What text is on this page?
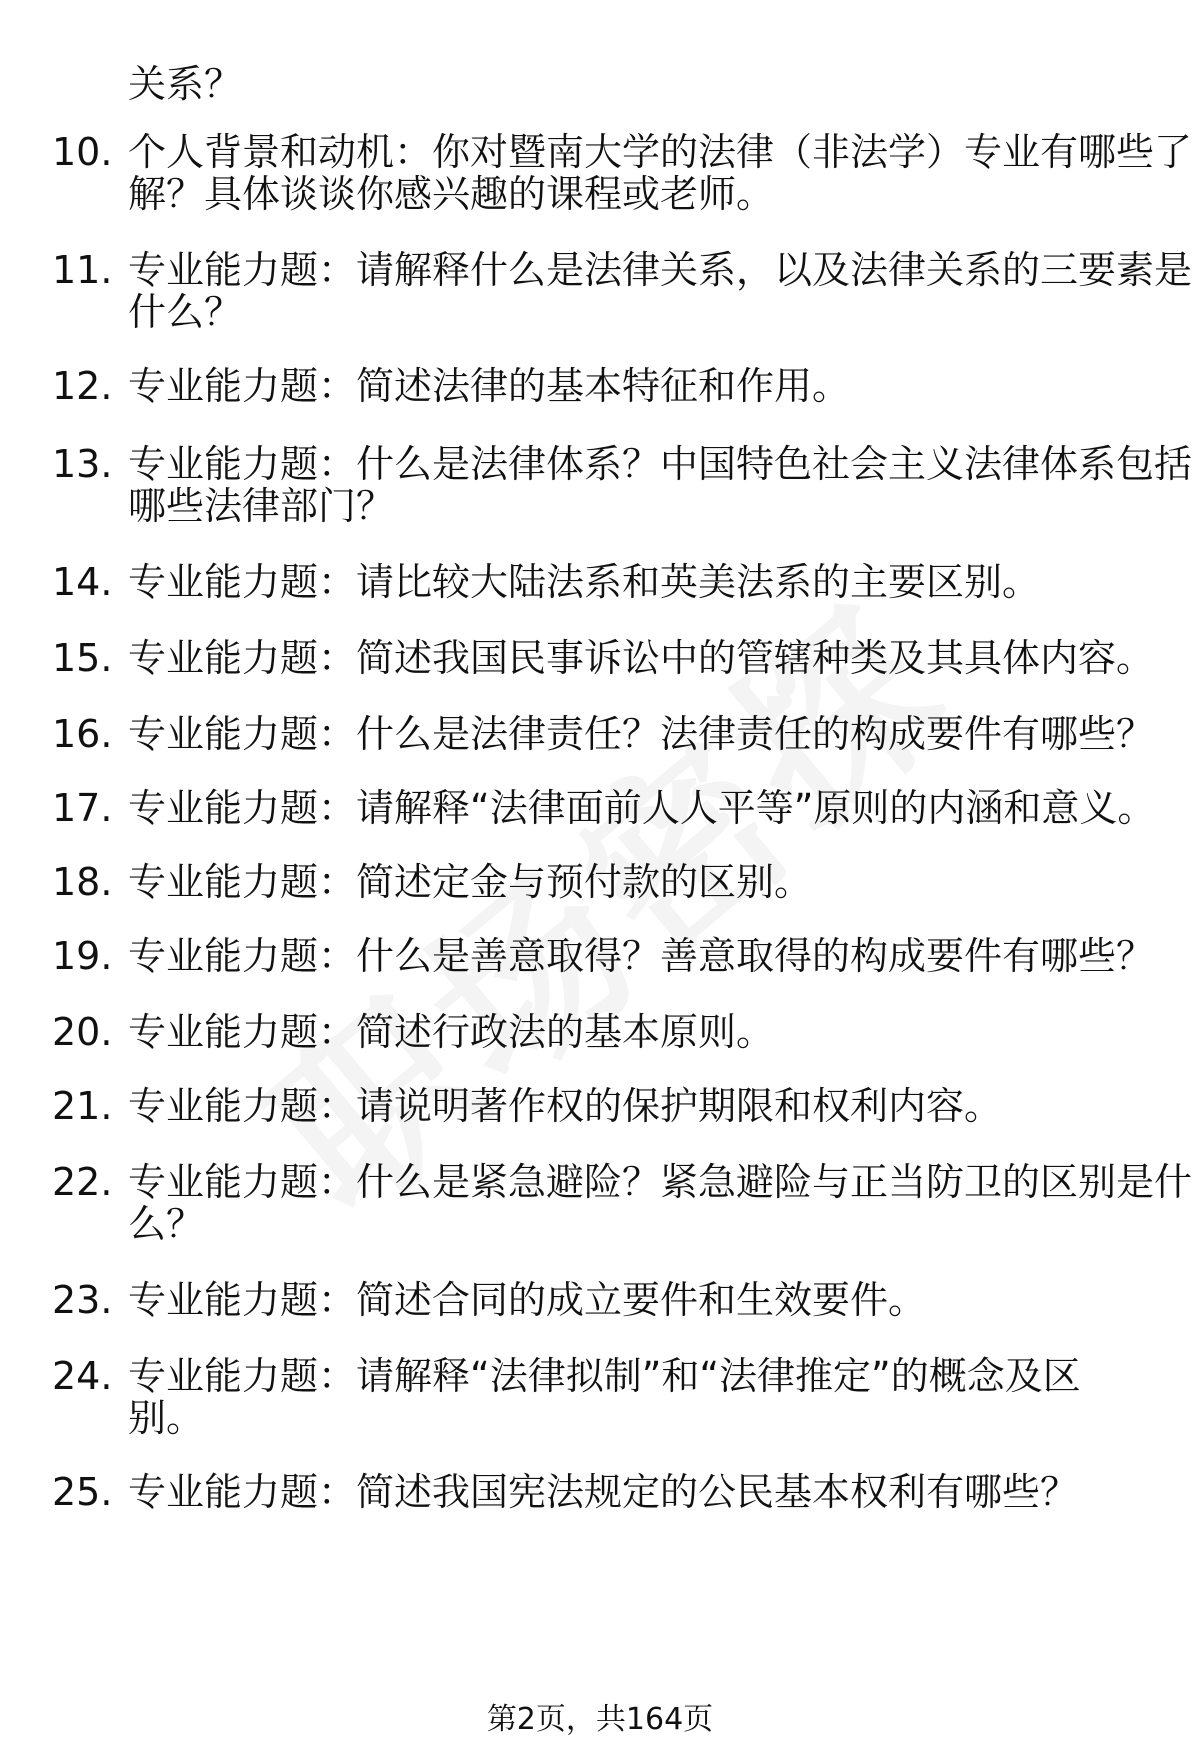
关系？
10. 个人背景和动机：你对暨南大学的法律（非法学）专业有哪些了
解？具体谈谈你感兴趣的课程或老师。
11. 专业能力题：请解释什么是法律关系，以及法律关系的三要素是
什么？
12. 专业能力题：简述法律的基本特征和作用。
13. 专业能力题：什么是法律体系？中国特色社会主义法律体系包括
哪些法律部门？
14. 专业能力题：请比较大陆法系和英美法系的主要区别。
15. 专业能力题：简述我国民事诉讼中的管辖种类及其具体内容。
16. 专业能力题：什么是法律责任？法律责任的构成要件有哪些？
17. 专业能力题：请解释“法律面前人人平等”原则的内涵和意义。
18. 专业能力题：简述定金与预付款的区别。
19. 专业能力题：什么是善意取得？善意取得的构成要件有哪些？
20. 专业能力题：简述行政法的基本原则。
21. 专业能力题：请说明著作权的保护期限和权利内容。
22. 专业能力题：什么是紧急避险？紧急避险与正当防卫的区别是什
么？
23. 专业能力题：简述合同的成立要件和生效要件。
24. 专业能力题：请解释“法律拟制”和“法律推定”的概念及区
别。
25. 专业能力题：简述我国宪法规定的公民基本权利有哪些？
第2页，共164页
